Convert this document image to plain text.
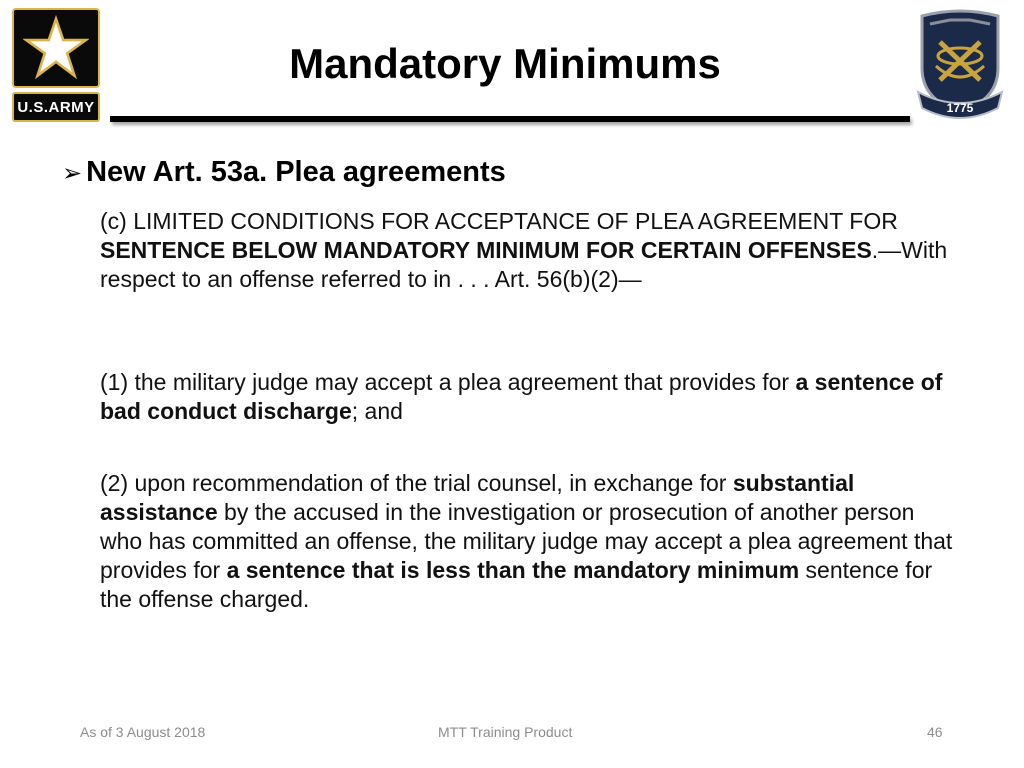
U.S.ARMY
Mandatory Minimums
1775
➢ New Art. 53a. Plea agreements
(c) LIMITED CONDITIONS FOR ACCEPTANCE OF PLEA AGREEMENT FOR SENTENCE BELOW MANDATORY MINIMUM FOR CERTAIN OFFENSES.—With respect to an offense referred to in . . . Art. 56(b)(2)—
(1) the military judge may accept a plea agreement that provides for a sentence of bad conduct discharge; and
(2) upon recommendation of the trial counsel, in exchange for substantial assistance by the accused in the investigation or prosecution of another person who has committed an offense, the military judge may accept a plea agreement that provides for a sentence that is less than the mandatory minimum sentence for the offense charged.
As of 3 August 2018	MTT Training Product	46
